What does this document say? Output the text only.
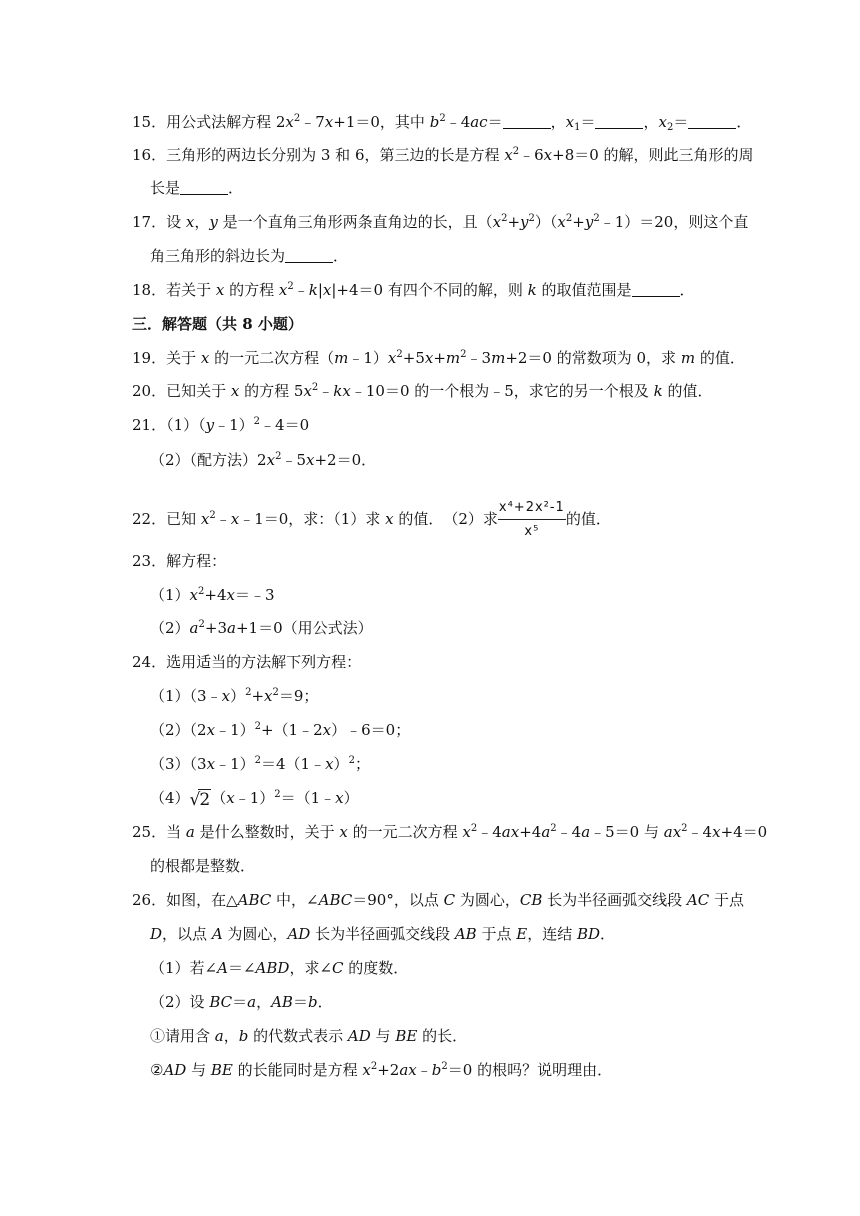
15．用公式法解方程 $2x^2﹣7x+1=0$，其中 $b^2﹣4ac=$	，$x_1=$	，$x_2=$	．
16．三角形的两边长分别为 3 和 6，第三边的长是方程 $x^2﹣6x+8=0$ 的解，则此三角形的周
长是	．
17．设 x，y 是一个直角三角形两条直角边的长，且$(x^2+y^2)(x^2+y^2﹣1)=20$，则这个直
角三角形的斜边长为	．
18．若关于 x 的方程 $x^2﹣k|x|+4=0$ 有四个不同的解，则 k 的取值范围是	．
三．解答题（共 8 小题）
19．关于 x 的一元二次方程$(m﹣1)x^2+5x+m^2﹣3m+2=0$ 的常数项为 0，求 m 的值．
20．已知关于 x 的方程 $5x^2﹣kx﹣10=0$ 的一个根为﹣5，求它的另一个根及 k 的值．
21．（1）（y﹣1）$^2$﹣4＝0
（2）（配方法）$2x^2﹣5x+2=0$．
22．已知 $x^2﹣x﹣1=0$，求：（1）求 x 的值．　（2）求 $\frac{\text{x⁴+2x²-1}}{\text{x⁵}}$ 的值．
23．解方程：
$(1)x^2+4x=﹣3$
$(2)a^2+3a+1=0$（用公式法）
24．选用适当的方法解下列方程：
$(1)(3﹣x)^2+x^2=9$；
（2）（2x﹣1）$^2$+（1﹣2x）﹣6＝0；
（3）（3x﹣1）$^2$＝4（1﹣x）$^2$；
（4）√2（x﹣1）$^2$＝（1﹣x）
25．当 a 是什么整数时，关于 x 的一元二次方程 $x^2﹣4ax+4a^2﹣4a﹣5=0$ 与 $ax^2﹣4x+4=0$
的根都是整数．
26．如图，在△ABC 中，∠ABC＝90°，以点 C 为圆心，CB 长为半径画弧交线段 AC 于点
D，以点 A 为圆心，AD 长为半径画弧交线段 AB 于点 E，连结 BD．
（1）若∠A＝∠ABD，求∠C 的度数．
（2）设 BC＝a，AB＝b．
①请用含 a，b 的代数式表示 AD 与 BE 的长．
②AD 与 BE 的长能同时是方程 $x^2+2ax﹣b^2=0$ 的根吗？说明理由．
